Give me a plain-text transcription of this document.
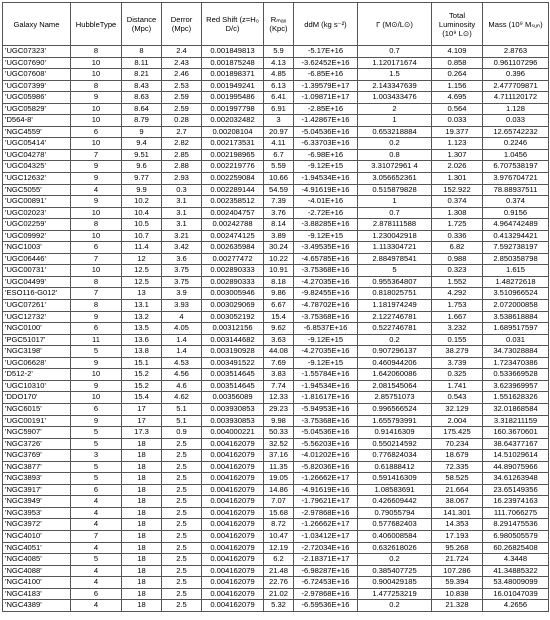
Galaxy Name	HubbleType	Distance (Mpc)	Derror (Mpc)	Red Shift (z=H₀ D/c)	Rₘₐₓ (Kpc)	ddM (kg s⁻²)	Γ (M⊙/L⊙)	Total Luminosity (10⁹ L⊙)	Mass (10⁹ Mₛᵤₙ)
'UGC07323'	8	8	2.4	0.001849813	5.9	-5.17E+16	0.7	4.109	2.8763
'UGC07690'	10	8.11	2.43	0.001875248	4.13	-3.62452E+16	1.120171674	0.858	0.961107296
'UGC07608'	10	8.21	2.46	0.001898371	4.85	-6.85E+16	1.5	0.264	0.396
'UGC07399'	8	8.43	2.53	0.001949241	6.13	-1.39579E+17	2.143347639	1.156	2.477709871
'UGC05986'	9	8.63	2.59	0.001995486	6.41	-1.09871E+17	1.003433476	4.695	4.711120172
'UGC05829'	10	8.64	2.59	0.001997798	6.91	-2.85E+16	2	0.564	1.128
'D564-8'	10	8.79	0.28	0.002032482	3	-1.42867E+16	1	0.033	0.033
'NGC4559'	6	9	2.7	0.00208104	20.97	-5.04536E+16	0.653218884	19.377	12.65742232
'UGC05414'	10	9.4	2.82	0.002173531	4.11	-6.33703E+16	0.2	1.123	0.2246
'UGC04278'	7	9.51	2.85	0.002198965	6.7	-6.98E+16	0.8	1.307	1.0456
'UGC04325'	9	9.6	2.88	0.002219776	5.59	-9.12E+15	3.31072961 4	2.026	6.707538197
'UGC12632'	9	9.77	2.93	0.002259084	10.66	-1.94534E+16	3.056652361	1.301	3.976704721
'NGC5055'	4	9.9	0.3	0.002289144	54.59	-4.91619E+16	0.515879828	152.922	78.88937511
'UGC00891'	9	10.2	3.1	0.002358512	7.39	-4.01E+16	1	0.374	0.374
'UGC02023'	10	10.4	3.1	0.002404757	3.76	-2.72E+16	0.7	1.308	0.9156
'UGC02259'	8	10.5	3.1	0.00242788	8.14	-3.88285E+16	2.878111588	1.725	4.964742489
'UGC09992'	10	10.7	3.21	0.002474125	3.89	-9.12E+15	1.230042918	0.336	0.413294421
'NGC1003'	6	11.4	3.42	0.002635984	30.24	-3.49535E+16	1.113304721	6.82	7.592738197
'UGC06446'	7	12	3.6	0.00277472	10.22	-4.65785E+16	2.884978541	0.988	2.850358798
'UGC00731'	10	12.5	3.75	0.002890333	10.91	-3.75368E+16	5	0.323	1.615
'UGC04499'	8	12.5	3.75	0.002890333	8.18	-4.27035E+16	0.955364807	1.552	1.48272618
'ESO116-G012'	7	13	3.9	0.003005946	9.86	-9.82455E+16	0.818025751	4.292	3.510966524
'UGC07261'	8	13.1	3.93	0.003029069	6.67	-4.78702E+16	1.181974249	1.753	2.072000858
'UGC12732'	9	13.2	4	0.003052192	15.4	-3.75368E+16	2.122746781	1.667	3.538618884
'NGC0100'	6	13.5	4.05	0.00312156	9.62	-6.8537E+16	0.522746781	3.232	1.689517597
'PGC51017'	11	13.6	1.4	0.003144682	3.63	-9.12E+15	0.2	0.155	0.031
'NGC3198'	5	13.8	1.4	0.003190928	44.08	-4.27035E+16	0.907296137	38.279	34.73028884
'UGC06628'	9	15.1	4.53	0.003491522	7.69	-9.12E+15	0.460944206	3.739	1.723470386
'D512-2'	10	15.2	4.56	0.003514645	3.83	-1.55784E+16	1.642060086	0.325	0.533669528
'UGC10310'	9	15.2	4.6	0.003514645	7.74	-1.94534E+16	2.081545064	1.741	3.623969957
'DDO170'	10	15.4	4.62	0.00356089	12.33	-1.81617E+16	2.85751073	0.543	1.551628326
'NGC6015'	6	17	5.1	0.003930853	29.23	-5.94953E+16	0.996566524	32.129	32.01868584
'UGC00191'	9	17	5.1	0.003930853	9.98	-3.75368E+16	1.655793991	2.004	3.318211159
'NGC5907'	5	17.3	0.9	0.004000221	50.33	-5.04536E+16	0.91416309	175.425	160.3670601
'NGC3726'	5	18	2.5	0.004162079	32.52	-5.56203E+16	0.550214592	70.234	38.64377167
'NGC3769'	3	18	2.5	0.004162079	37.16	-4.01202E+16	0.776824034	18.679	14.51029614
'NGC3877'	5	18	2.5	0.004162079	11.35	-5.82036E+16	0.61888412	72.335	44.89075966
'NGC3893'	5	18	2.5	0.004162079	19.05	-1.26662E+17	0.591416309	58.525	34.61263948
'NGC3917'	6	18	2.5	0.004162079	14.86	-4.91619E+16	1.08583691	21.664	23.65149356
'NGC3949'	4	18	2.5	0.004162079	7.07	-1.79621E+17	0.426609442	38.067	16.23974163
'NGC3953'	4	18	2.5	0.004162079	15.68	-2.97868E+16	0.79055794	141.301	111.7066275
'NGC3972'	4	18	2.5	0.004162079	8.72	-1.26662E+17	0.577682403	14.353	8.291475536
'NGC4010'	7	18	2.5	0.004162079	10.47	-1.03412E+17	0.406008584	17.193	6.980505579
'NGC4051'	4	18	2.5	0.004162079	12.19	-2.72034E+16	0.632618026	95.268	60.26825408
'NGC4085'	5	18	2.5	0.004162079	6.2	-2.18371E+17	0.2	21.724	4.3448
'NGC4088'	4	18	2.5	0.004162079	21.48	-6.98287E+16	0.385407725	107.286	41.34885322
'NGC4100'	4	18	2.5	0.004162079	22.76	-6.72453E+16	0.900429185	59.394	53.48009099
'NGC4183'	6	18	2.5	0.004162079	21.02	-2.97868E+16	1.477253219	10.838	16.01047039
'NGC4389'	4	18	2.5	0.004162079	5.32	-6.59536E+16	0.2	21.328	4.2656
